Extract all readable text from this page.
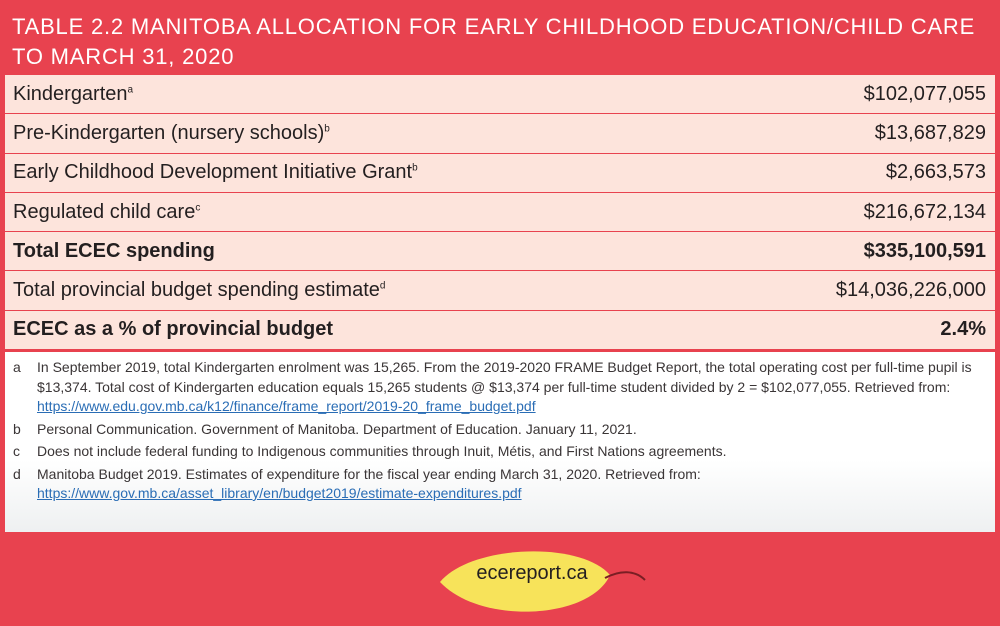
TABLE 2.2 MANITOBA ALLOCATION FOR EARLY CHILDHOOD EDUCATION/CHILD CARE TO MARCH 31, 2020
Kindergarten$^a$	$102,077,055
Pre-Kindergarten (nursery schools)$^b$	$13,687,829
Early Childhood Development Initiative Grant$^b$	$2,663,573
Regulated child care$^c$	$216,672,134
Total ECEC spending	$335,100,591
Total provincial budget spending estimate$^d$	$14,036,226,000
ECEC as a % of provincial budget	2.4%
a	In September 2019, total Kindergarten enrolment was 15,265. From the 2019-2020 FRAME Budget Report, the total operating cost per full-time pupil is $13,374. Total cost of Kindergarten education equals 15,265 students @ $13,374 per full-time student divided by 2 = $102,077,055. Retrieved from: https://www.edu.gov.mb.ca/k12/finance/frame_report/2019-20_frame_budget.pdf
b	Personal Communication. Government of Manitoba. Department of Education. January 11, 2021.
c	Does not include federal funding to Indigenous communities through Inuit, Métis, and First Nations agreements.
d	Manitoba Budget 2019. Estimates of expenditure for the fiscal year ending March 31, 2020. Retrieved from: https://www.gov.mb.ca/asset_library/en/budget2019/estimate-expenditures.pdf
ecereport.ca
